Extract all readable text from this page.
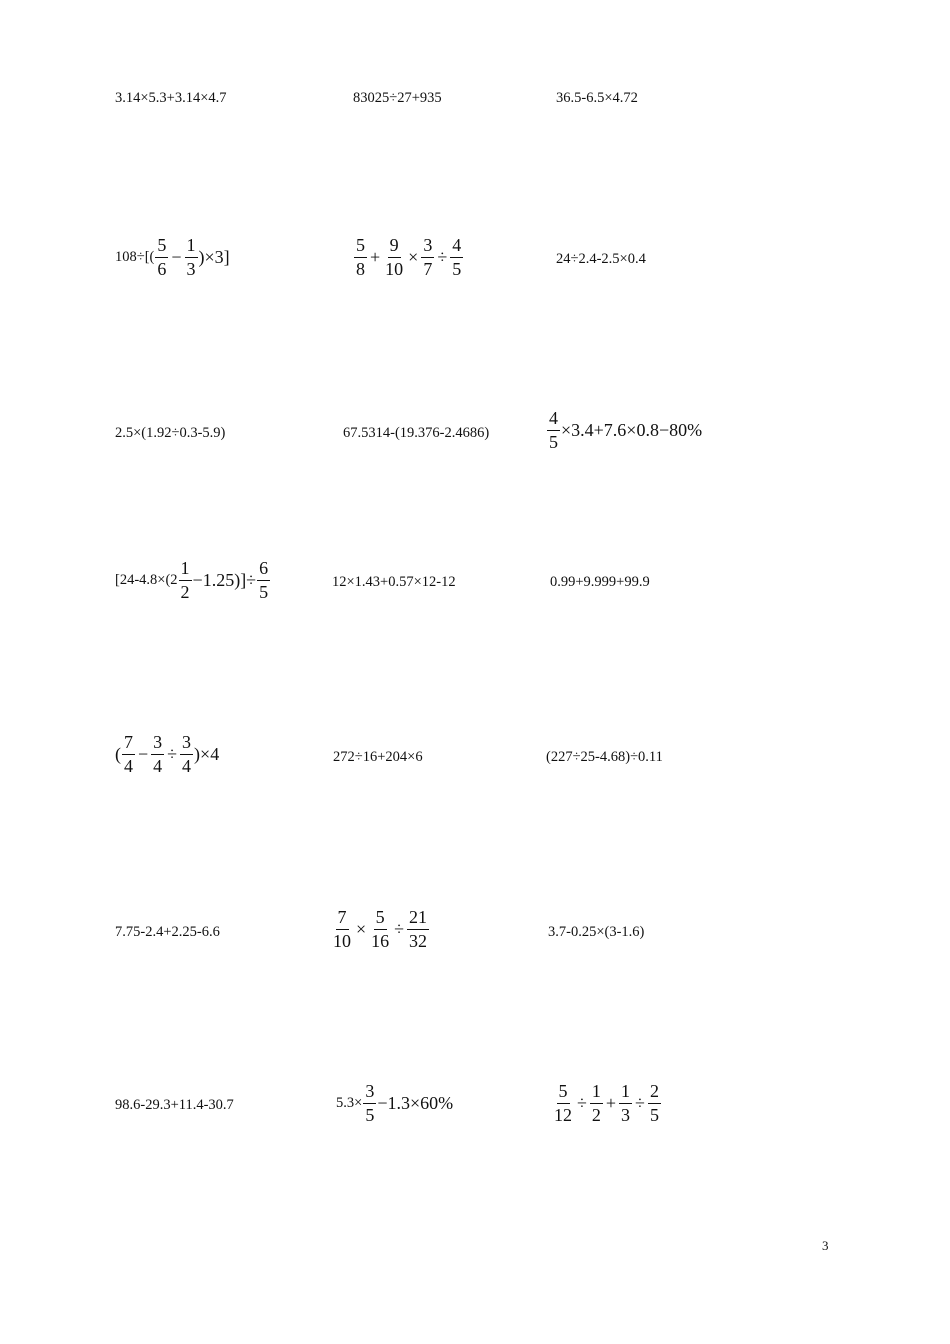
3.14×5.3+3.14×4.7	83025÷27+935	36.5-6.5×4.72
$108\div[( \frac{5}{6} - \frac{1}{3} )\times 3]$	$\frac{5}{8} + \frac{9}{10} \times \frac{3}{7} \div \frac{4}{5}$	24÷2.4-2.5×0.4
2.5×(1.92÷0.3-5.9)	67.5314-(19.376-2.4686)	$\frac{4}{5} \times 3.4+7.6\times 0.8-80\%$
$[24-4.8\times(2 \frac{1}{2} -1.25)]\div \frac{6}{5}$	12×1.43+0.57×12-12	0.99+9.999+99.9
( $\frac{7}{4} - \frac{3}{4} \div \frac{3}{4} )\times 4$	272÷16+204×6	(227÷25-4.68)÷0.11
7.75-2.4+2.25-6.6	$\frac{7}{10} \times \frac{5}{16} \div \frac{21}{32}$	3.7-0.25×(3-1.6)
98.6-29.3+11.4-30.7	$5.3\times \frac{3}{5} -1.3\times 60\%$	$\frac{5}{12} \div \frac{1}{2} + \frac{1}{3} \div \frac{2}{5}$
3
